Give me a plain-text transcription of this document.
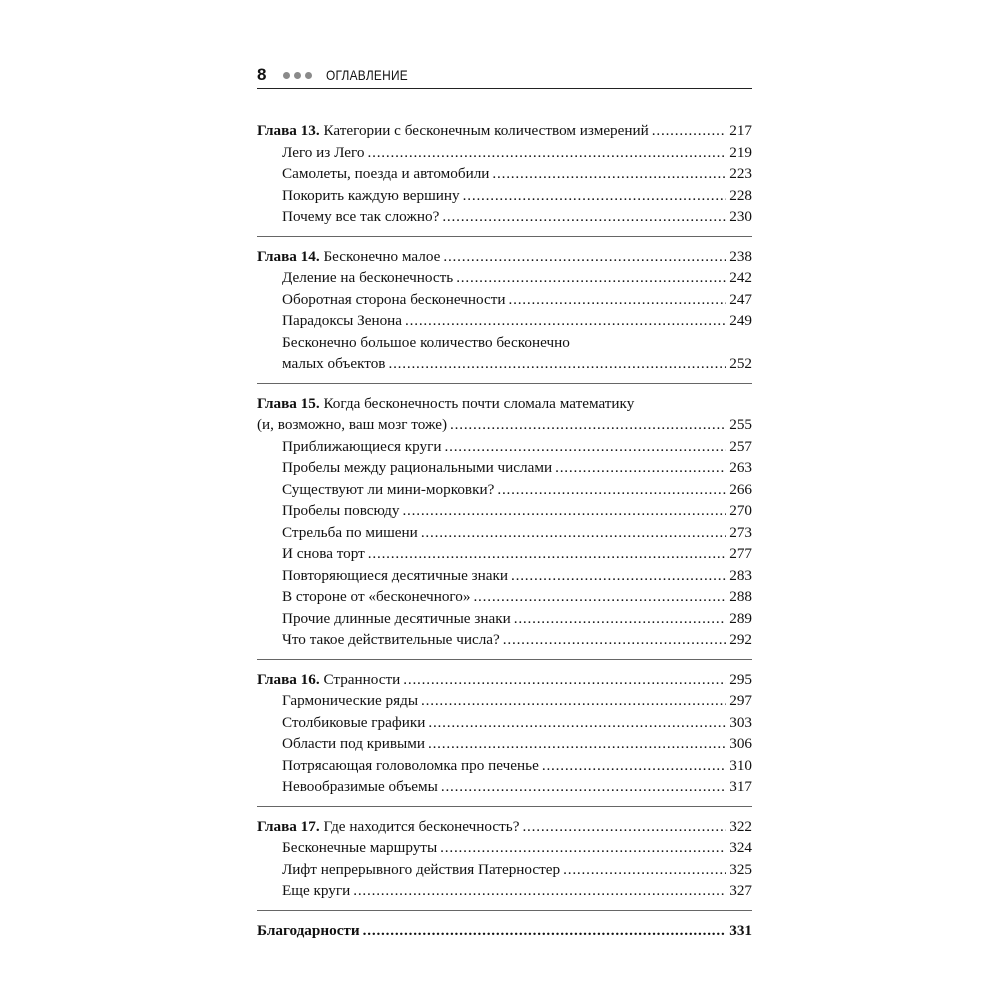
8	ОГЛАВЛЕНИЕ
Глава 13. Категории с бесконечным количеством измерений . . .	217
Лего из Лего . . .	219
Самолеты, поезда и автомобили . . .	223
Покорить каждую вершину . . .	228
Почему все так сложно? . . .	230
Глава 14. Бесконечно малое . . .	238
Деление на бесконечность . . .	242
Оборотная сторона бесконечности . . .	247
Парадоксы Зенона . . .	249
Бесконечно большое количество бесконечно
малых объектов . . .	252
Глава 15. Когда бесконечность почти сломала математику
(и, возможно, ваш мозг тоже) . . .	255
Приближающиеся круги . . .	257
Пробелы между рациональными числами . . .	263
Существуют ли мини-морковки? . . .	266
Пробелы повсюду . . .	270
Стрельба по мишени . . .	273
И снова торт . . .	277
Повторяющиеся десятичные знаки . . .	283
В стороне от «бесконечного» . . .	288
Прочие длинные десятичные знаки . . .	289
Что такое действительные числа? . . .	292
Глава 16. Странности . . .	295
Гармонические ряды . . .	297
Столбиковые графики . . .	303
Области под кривыми . . .	306
Потрясающая головоломка про печенье . . .	310
Невообразимые объемы . . .	317
Глава 17. Где находится бесконечность? . . .	322
Бесконечные маршруты . . .	324
Лифт непрерывного действия Патерностер . . .	325
Еще круги . . .	327
Благодарности . . .	331
